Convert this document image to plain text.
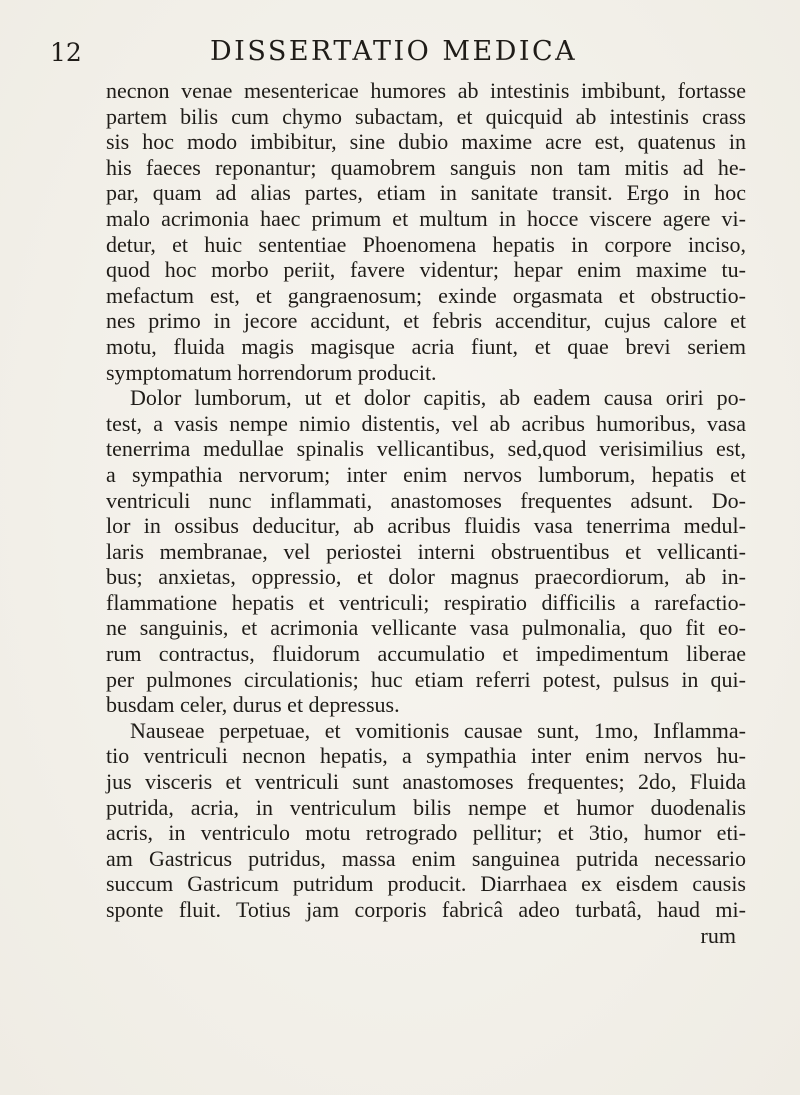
12	DISSERTATIO MEDICA
necnon venae mesentericae humores ab intestinis imbibunt, fortasse
partem bilis cum chymo subactam, et quicquid ab intestinis crass
sis hoc modo imbibitur, sine dubio maxime acre est, quatenus in
his faeces reponantur; quamobrem sanguis non tam mitis ad he-
par, quam ad alias partes, etiam in sanitate transit. Ergo in hoc
malo acrimonia haec primum et multum in hocce viscere agere vi-
detur, et huic sententiae Phoenomena hepatis in corpore inciso,
quod hoc morbo periit, favere videntur; hepar enim maxime tu-
mefactum est, et gangraenosum; exinde orgasmata et obstructio-
nes primo in jecore accidunt, et febris accenditur, cujus calore et
motu, fluida magis magisque acria fiunt, et quae brevi seriem
symptomatum horrendorum producit.
Dolor lumborum, ut et dolor capitis, ab eadem causa oriri po-
test, a vasis nempe nimio distentis, vel ab acribus humoribus, vasa
tenerrima medullae spinalis vellicantibus, sed,quod verisimilius est,
a sympathia nervorum; inter enim nervos lumborum, hepatis et
ventriculi nunc inflammati, anastomoses frequentes adsunt. Do-
lor in ossibus deducitur, ab acribus fluidis vasa tenerrima medul-
laris membranae, vel periostei interni obstruentibus et vellicanti-
bus; anxietas, oppressio, et dolor magnus praecordiorum, ab in-
flammatione hepatis et ventriculi; respiratio difficilis a rarefactio-
ne sanguinis, et acrimonia vellicante vasa pulmonalia, quo fit eo-
rum contractus, fluidorum accumulatio et impedimentum liberae
per pulmones circulationis; huc etiam referri potest, pulsus in qui-
busdam celer, durus et depressus.
Nauseae perpetuae, et vomitionis causae sunt, 1mo, Inflamma-
tio ventriculi necnon hepatis, a sympathia inter enim nervos hu-
jus visceris et ventriculi sunt anastomoses frequentes; 2do, Fluida
putrida, acria, in ventriculum bilis nempe et humor duodenalis
acris, in ventriculo motu retrogrado pellitur; et 3tio, humor eti-
am Gastricus putridus, massa enim sanguinea putrida necessario
succum Gastricum putridum producit. Diarrhaea ex eisdem causis
sponte fluit. Totius jam corporis fabricâ adeo turbatâ, haud mi-
rum
